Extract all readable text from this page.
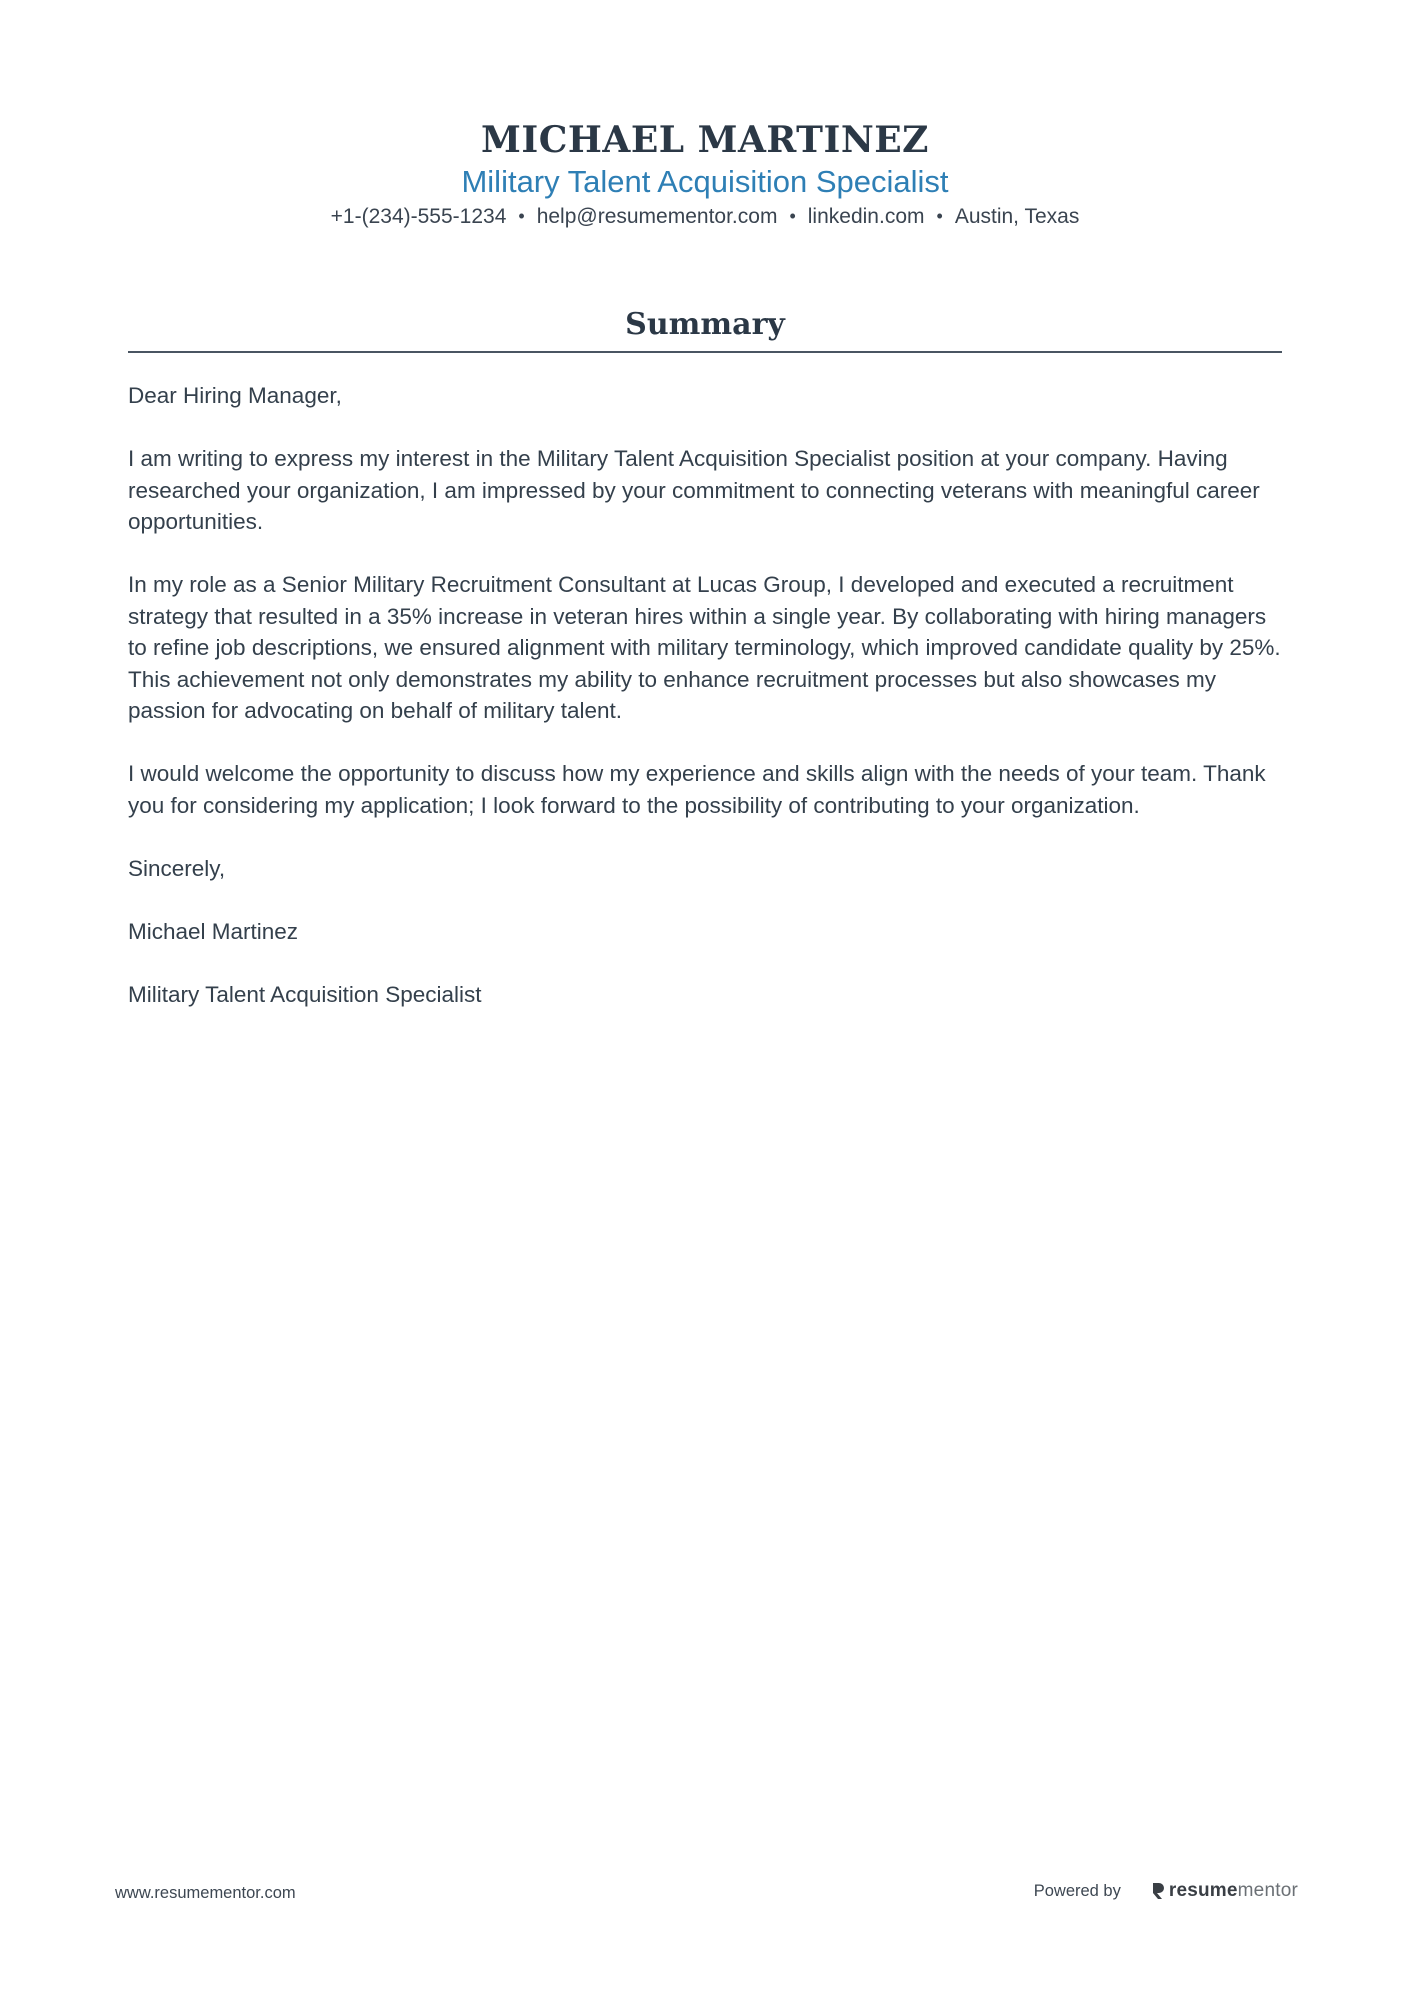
MICHAEL MARTINEZ
Military Talent Acquisition Specialist
+1-(234)-555-1234 • help@resumementor.com • linkedin.com • Austin, Texas
Summary

Dear Hiring Manager,

I am writing to express my interest in the Military Talent Acquisition Specialist position at your company. Having researched your organization, I am impressed by your commitment to connecting veterans with meaningful career opportunities.

In my role as a Senior Military Recruitment Consultant at Lucas Group, I developed and executed a recruitment strategy that resulted in a 35% increase in veteran hires within a single year. By collaborating with hiring managers to refine job descriptions, we ensured alignment with military terminology, which improved candidate quality by 25%. This achievement not only demonstrates my ability to enhance recruitment processes but also showcases my passion for advocating on behalf of military talent.

I would welcome the opportunity to discuss how my experience and skills align with the needs of your team. Thank you for considering my application; I look forward to the possibility of contributing to your organization.

Sincerely,

Michael Martinez

Military Talent Acquisition Specialist

www.resumementor.com	Powered by	resume mentor
